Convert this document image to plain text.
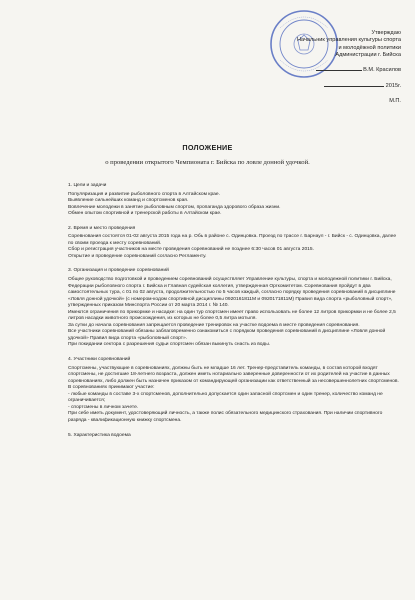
Утверждаю
Начальник управления культуры спорта
и молодёжной политики
Администрации г. Бийска
В.М. Красилов
2015г.
М.П.
ПОЛОЖЕНИЕ
о проведении открытого Чемпионата г. Бийска по ловле донной удочкой.
1. Цели и задачи

Популяризация и развитие рыболовного спорта в Алтайском крае.

Выявление сильнейших команд и спортсменов края.

Вовлечение молодежи в занятие рыболовным спортом, пропаганда здорового образа жизни.

Обмен опытом спортивной и тренерской работы в Алтайском крае.

2. Время и место проведения

Соревнования состоятся 01-02 августа 2015 года на р. Обь в районе с. Одинцовка. Проезд по трассе г. Барнаул - г. Бийск - с. Одинцовка, далее по своим проезда к месту соревнований.

Сбор и регистрация участников на месте проведения соревнований не позднее 6:30 часов 01 августа 2015.

Открытие и проведение соревнований согласно Регламенту.

3. Организация и проведение соревнований

Общее руководство подготовкой и проведением соревнований осуществляет Управление культуры, спорта и молодежной политики г. Бийска, Федерации рыболовного спорта г. Бийска и Главная судейская коллегия, утвержденная Оргкомитетом. Соревнования пройдут в два самостоятельных тура, с 01 по 02 августа, продолжительностью по 5 часов каждый, согласно порядку проведения соревнований в дисциплине «Ловля донной удочкой» (с номером-кодом спортивной дисциплины 0920161811М и 0920171811М) Правил вида спорта «рыболовный спорт», утвержденных приказом Минспорта России от 20 марта 2014 г. № 140.

Имеются ограничения по прикормке и насадке: на один тур спортсмен имеет право использовать не более 12 литров прикормки и не более 2,5 литров насадки животного происхождения, из которых не более 0,5 литра мотыля.

За сутки до начала соревнования запрещается проведение тренировок на участке водоема в месте проведения соревнования.

Все участники соревнований обязаны заблаговременно ознакомиться с порядком проведения соревнований в дисциплине «Ловля донной удочкой» Правил вида спорта «рыболовный спорт».

При покидании сектора с разрешения судьи спортсмен обязан выкинуть снасть из воды.

4. Участники соревнований

Спортсмены, участвующие в соревнованиях, должны быть не младше 16 лет. Тренер-представитель команды, в состав которой входят спортсмены, не достигшие 18-летнего возраста, должен иметь нотариально заверенные доверенности от их родителей на участие в данных соревнованиях, либо должен быть назначен приказом от командирующей организации как ответственный за несовершеннолетних спортсменов.

В соревнованиях принимают участие:

- любые команды в составе 3-х спортсменов, дополнительно допускается один запасной спортсмен и один тренер, количество команд не ограничивается;

- спортсмены в личном зачете.

При себе иметь документ, удостоверяющий личность, а также полис обязательного медицинского страхования. При наличии спортивного разряда - квалификационную книжку спортсмена.

5. Характеристика водоема
